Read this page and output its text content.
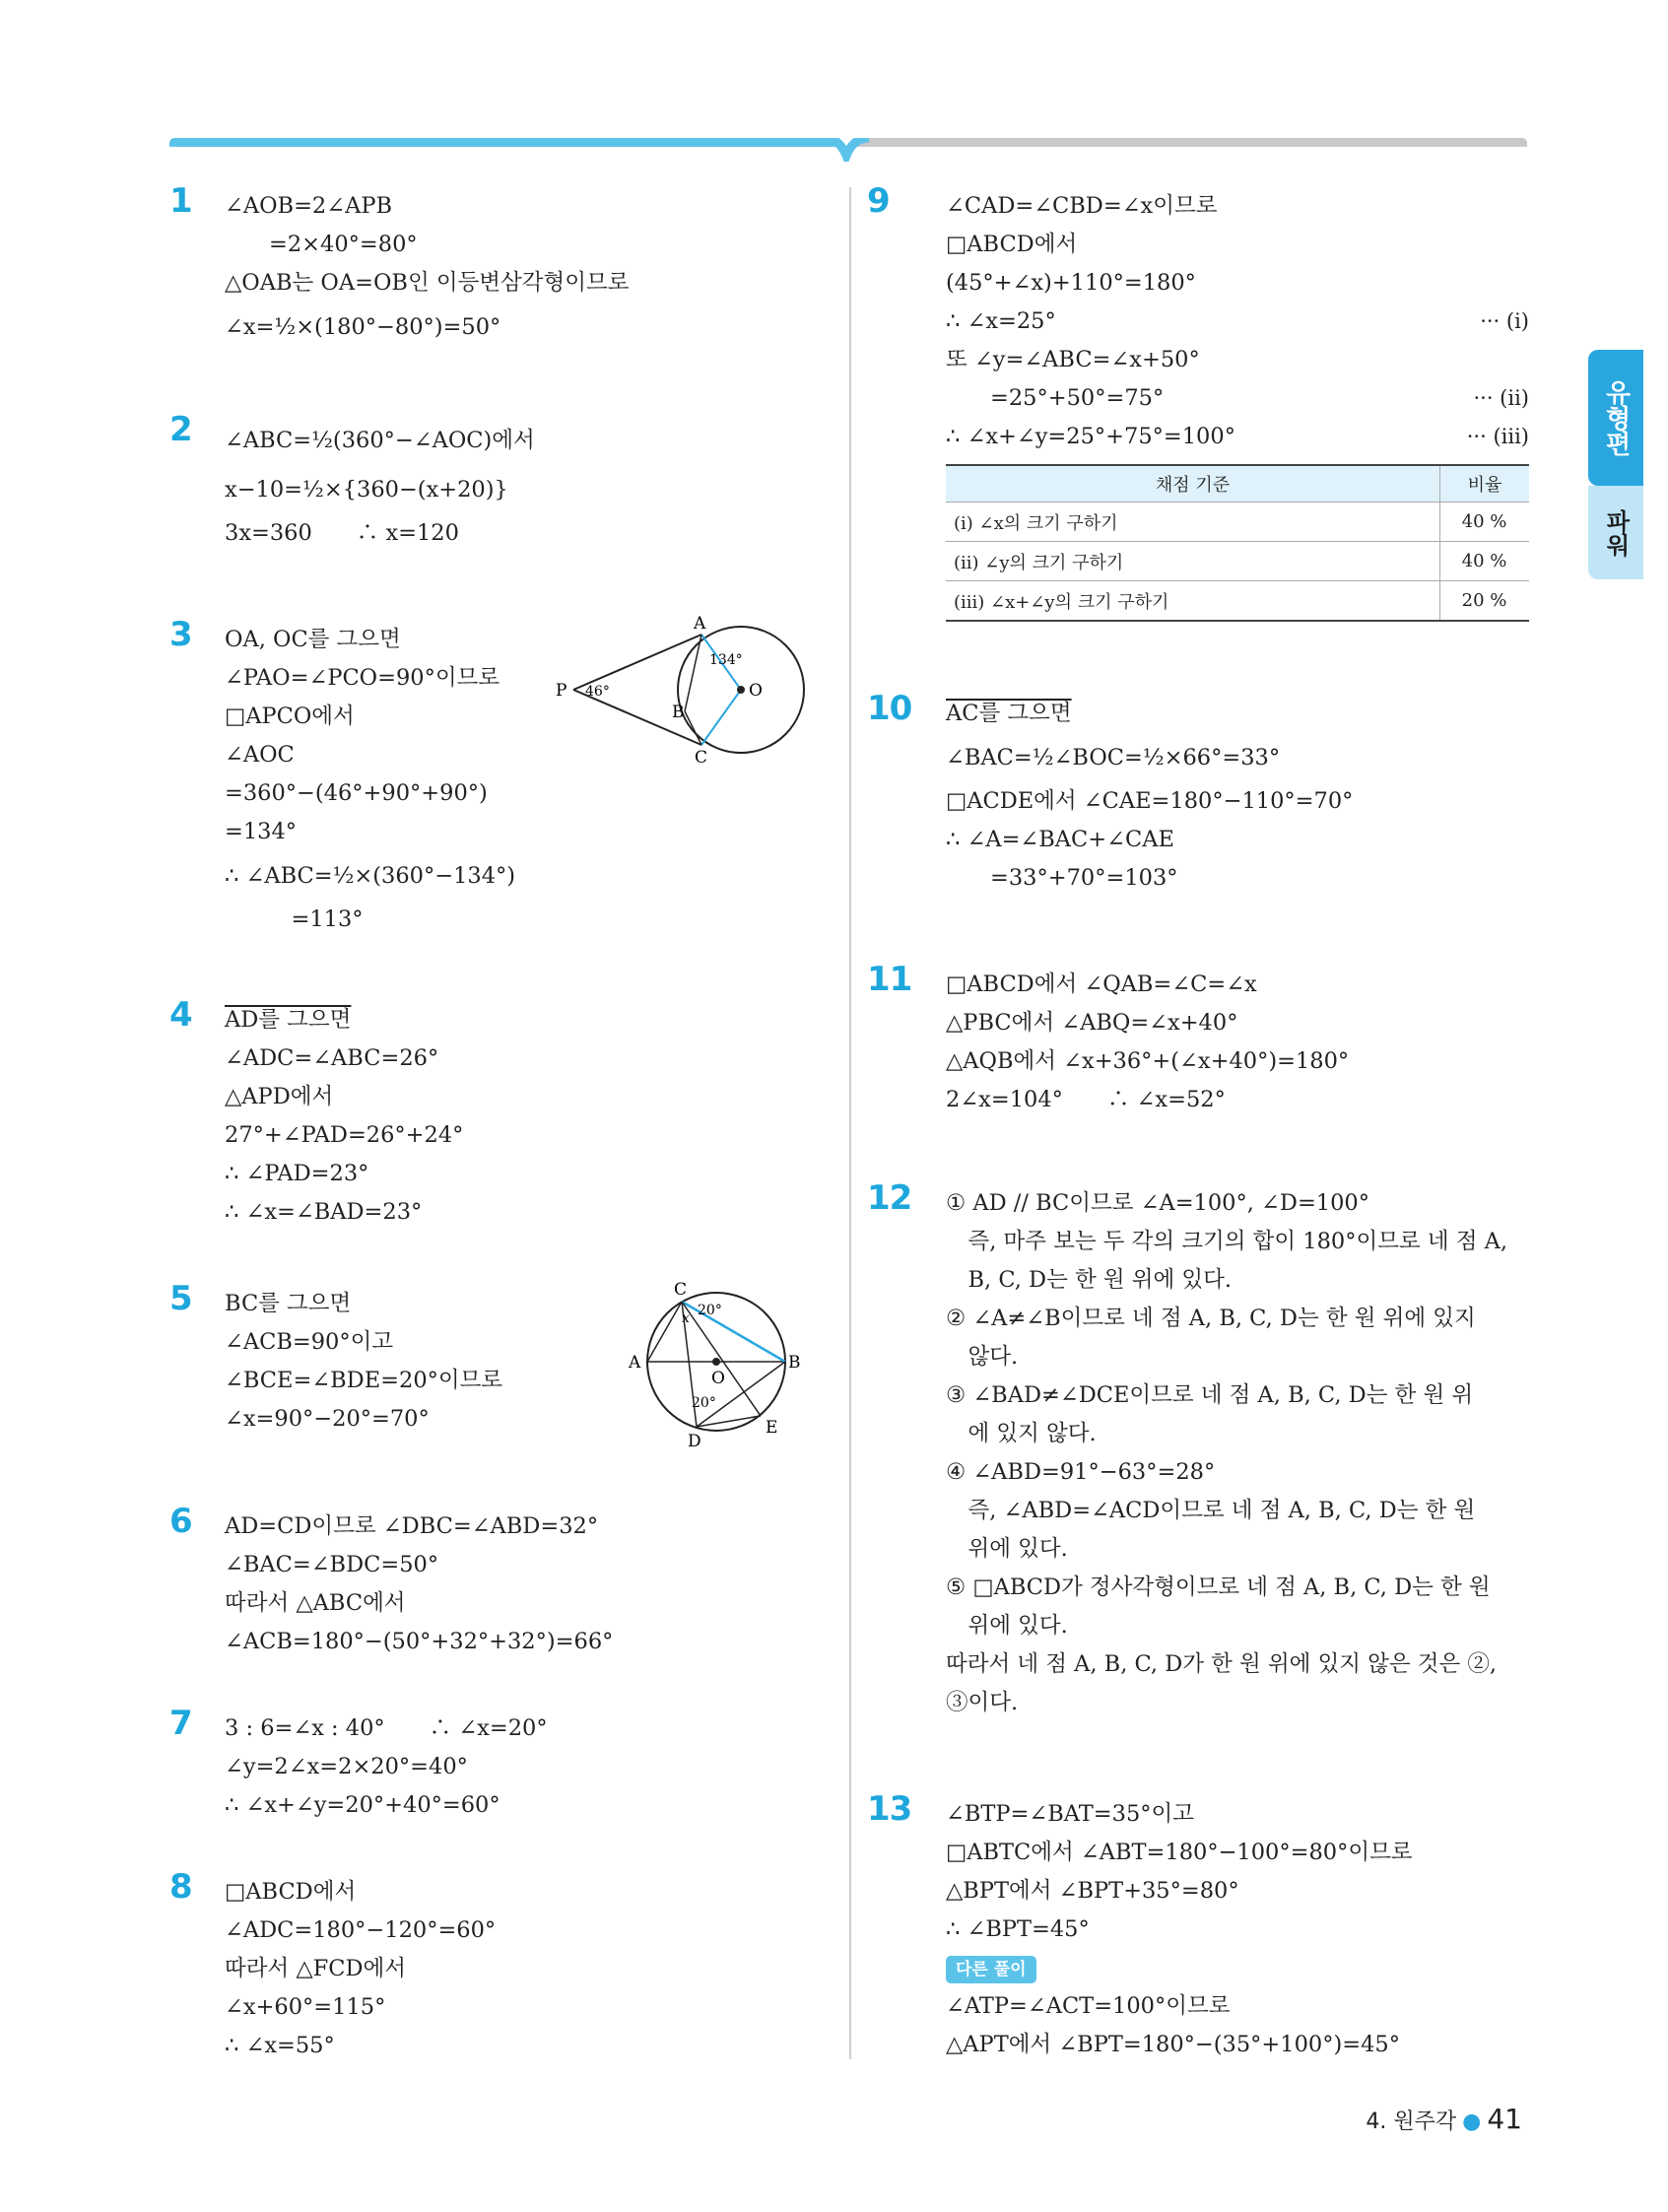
1 ∠AOB=2∠APB
　　=2×40°=80°
△OAB는 OA=OB인 이등변삼각형이므로
∠x=½×(180°−80°)=50°
2 ∠ABC=½(360°−∠AOC)에서
x−10=½×{360−(x+20)}
3x=360　　∴ x=120
3 OA, OC를 그으면
∠PAO=∠PCO=90°이므로
□APCO에서
∠AOC
=360°−(46°+90°+90°)
=134°
∴ ∠ABC=½×(360°−134°)
　　　=113°
A
B
C
P	O
46°
134°
4 AD를 그으면
∠ADC=∠ABC=26°
△APD에서
27°+∠PAD=26°+24°
∴ ∠PAD=23°
∴ ∠x=∠BAD=23°
5 BC를 그으면
∠ACB=90°이고
∠BCE=∠BDE=20°이므로
∠x=90°−20°=70°
C
A	B
O
D
E
20°
20°
x
6 AD=CD이므로 ∠DBC=∠ABD=32°
∠BAC=∠BDC=50°
따라서 △ABC에서
∠ACB=180°−(50°+32°+32°)=66°
7 3 : 6=∠x : 40°　　∴ ∠x=20°
∠y=2∠x=2×20°=40°
∴ ∠x+∠y=20°+40°=60°
8 □ABCD에서
∠ADC=180°−120°=60°
따라서 △FCD에서
∠x+60°=115°
∴ ∠x=55°
9	∠CAD=∠CBD=∠x이므로
□ABCD에서
(45°+∠x)+110°=180°
∴ ∠x=25°	··· (i)
또 ∠y=∠ABC=∠x+50°
　　=25°+50°=75°	··· (ii)
∴ ∠x+∠y=25°+75°=100°	··· (iii)
채점 기준	비율
(i) ∠x의 크기 구하기	40 %
(ii) ∠y의 크기 구하기	40 %
(iii) ∠x+∠y의 크기 구하기	20 %
10 AC를 그으면
∠BAC=½∠BOC=½×66°=33°
□ACDE에서 ∠CAE=180°−110°=70°
∴ ∠A=∠BAC+∠CAE
　　=33°+70°=103°
11 □ABCD에서 ∠QAB=∠C=∠x
△PBC에서 ∠ABQ=∠x+40°
△AQB에서 ∠x+36°+(∠x+40°)=180°
2∠x=104°　　∴ ∠x=52°
12 ① AD // BC이므로 ∠A=100°, ∠D=100°
　즉, 마주 보는 두 각의 크기의 합이 180°이므로 네 점 A,
　B, C, D는 한 원 위에 있다.
② ∠A≠∠B이므로 네 점 A, B, C, D는 한 원 위에 있지
　않다.
③ ∠BAD≠∠DCE이므로 네 점 A, B, C, D는 한 원 위
　에 있지 않다.
④ ∠ABD=91°−63°=28°
　즉, ∠ABD=∠ACD이므로 네 점 A, B, C, D는 한 원
　위에 있다.
⑤ □ABCD가 정사각형이므로 네 점 A, B, C, D는 한 원
　위에 있다.
따라서 네 점 A, B, C, D가 한 원 위에 있지 않은 것은 ②,
③이다.
13 ∠BTP=∠BAT=35°이고
□ABTC에서 ∠ABT=180°−100°=80°이므로
△BPT에서 ∠BPT+35°=80°
∴ ∠BPT=45°
다른 풀이
∠ATP=∠ACT=100°이므로
△APT에서 ∠BPT=180°−(35°+100°)=45°
유형편
파워
4. 원주각 ● 41
